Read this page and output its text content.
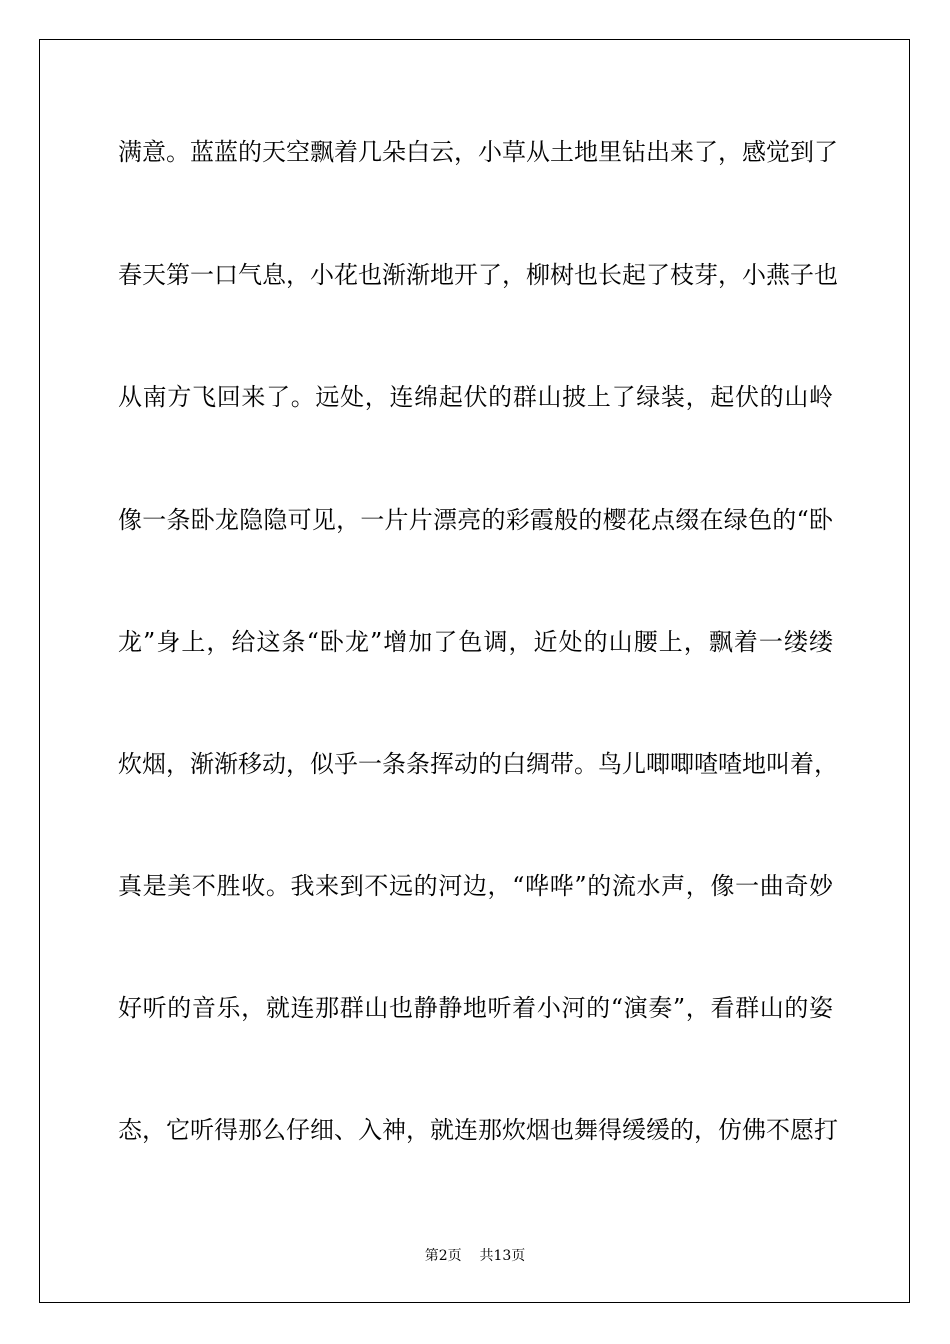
满意。蓝蓝的天空飘着几朵白云，小草从土地里钻出来了，感觉到了
春天第一口气息，小花也渐渐地开了，柳树也长起了枝芽，小燕子也
从南方飞回来了。远处，连绵起伏的群山披上了绿装，起伏的山岭
像一条卧龙隐隐可见，一片片漂亮的彩霞般的樱花点缀在绿色的“卧
龙”身上，给这条“卧龙”增加了色调，近处的山腰上，飘着一缕缕
炊烟，渐渐移动，似乎一条条挥动的白绸带。鸟儿唧唧喳喳地叫着，
真是美不胜收。我来到不远的河边，“哗哗”的流水声，像一曲奇妙
好听的音乐，就连那群山也静静地听着小河的“演奏”，看群山的姿
态，它听得那么仔细、入神，就连那炊烟也舞得缓缓的，仿佛不愿打
第2页    共13页
